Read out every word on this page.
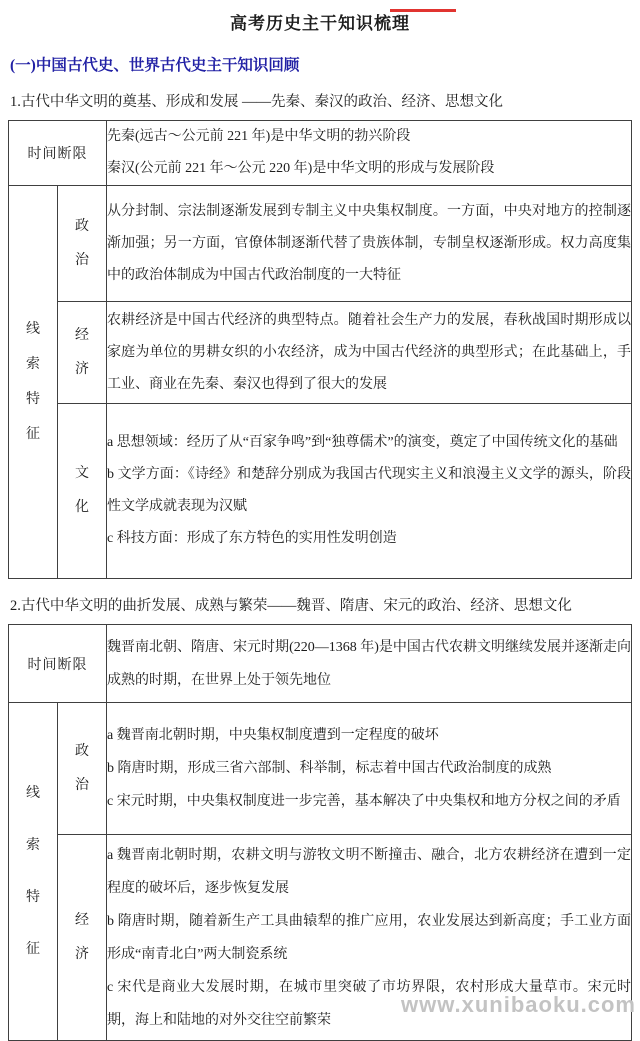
高考历史主干知识梳理
(一)中国古代史、世界古代史主干知识回顾
1.古代中华文明的奠基、形成和发展 ——先秦、秦汉的政治、经济、思想文化
时间断限		先秦(远古～公元前 221 年)是中华文明的勃兴阶段

秦汉(公元前 221 年～公元 220 年)是中华文明的形成与发展阶段

线索特征	政治	从分封制、宗法制逐渐发展到专制主义中央集权制度。一方面，中央对地方的控制逐渐加强；另一方面，官僚体制逐渐代替了贵族体制，专制皇权逐渐形成。权力高度集中的政治体制成为中国古代政治制度的一大特征

	经济	农耕经济是中国古代经济的典型特点。随着社会生产力的发展，春秋战国时期形成以家庭为单位的男耕女织的小农经济，成为中国古代经济的典型形式；在此基础上，手工业、商业在先秦、秦汉也得到了很大的发展

	文化	a 思想领域：经历了从“百家争鸣”到“独尊儒术”的演变，奠定了中国传统文化的基础

b 文学方面：《诗经》和楚辞分别成为我国古代现实主义和浪漫主义文学的源头，阶段性文学成就表现为汉赋

c 科技方面：形成了东方特色的实用性发明创造

2.古代中华文明的曲折发展、成熟与繁荣——魏晋、隋唐、宋元的政治、经济、思想文化
时间断限		魏晋南北朝、隋唐、宋元时期(220—1368 年)是中国古代农耕文明继续发展并逐渐走向成熟的时期，在世界上处于领先地位

线索特征	政治	a 魏晋南北朝时期，中央集权制度遭到一定程度的破坏

b 隋唐时期，形成三省六部制、科举制，标志着中国古代政治制度的成熟

c 宋元时期，中央集权制度进一步完善，基本解决了中央集权和地方分权之间的矛盾

	经济	a 魏晋南北朝时期，农耕文明与游牧文明不断撞击、融合，北方农耕经济在遭到一定程度的破坏后，逐步恢复发展

b 隋唐时期，随着新生产工具曲辕犁的推广应用，农业发展达到新高度；手工业方面形成“南青北白”两大制瓷系统

c 宋代是商业大发展时期，在城市里突破了市坊界限，农村形成大量草市。宋元时期，海上和陆地的对外交往空前繁荣

www.xunibaoku.com
